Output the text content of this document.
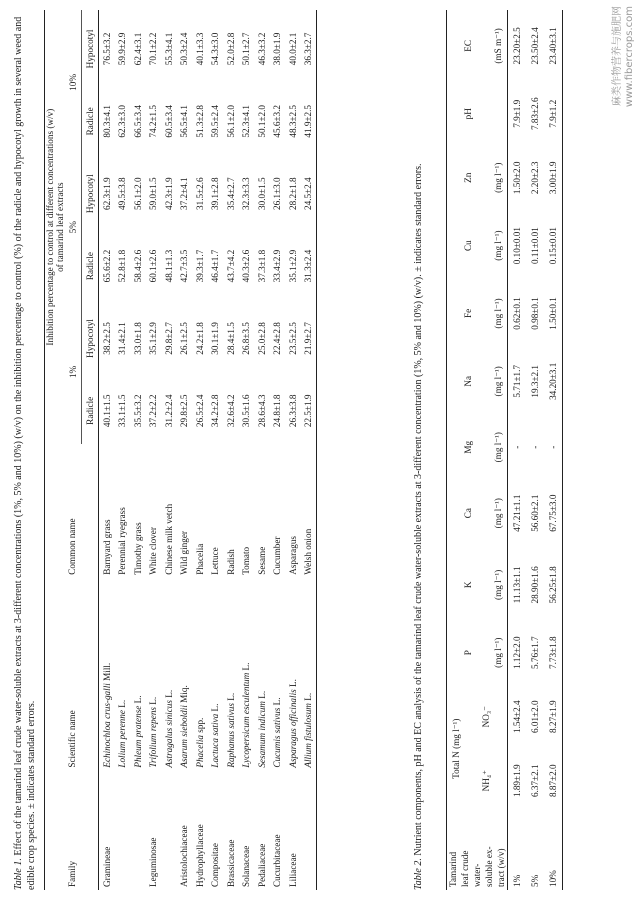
Table 1. Effect of the tamarind leaf crude water-soluble extracts at 3-different concentrations (1%, 5% and 10%) (w/v) on the inhibition percentage to control (%) of the radicle and hypocotyl growth in several weed and edible crop species. ± indicates standard errors.	Family	Scientific name	Common name	Inhibition percentage to control at different concentrations (w/v)
of tamarind leaf extracts					
			1%		5%		10%	
			Radicle	Hypocotyl	Radicle	Hypocotyl	Radicle	Hypocotyl
Gramineae	Echinochloa crus-galli Mill.	Barnyard grass	40.1±1.5	38.2±2.5	65.6±2.2	62.3±1.9	80.3±4.1	76.5±3.2
	Lolium perenne L.	Perennial ryegrass	33.1±1.5	31.4±2.1	52.8±1.8	49.5±3.8	62.3±3.0	59.9±2.9
	Phleum pratense L.	Timothy grass	35.5±3.2	33.0±1.8	58.4±2.6	56.1±2.0	66.5±3.4	62.4±3.1
Leguminosae	Trifolium repens L.	White clover	37.2±2.2	35.1±2.9	60.1±2.6	59.0±1.5	74.2±1.5	70.1±2.2
	Astragalus sinicus L.	Chinese milk vetch	31.2±2.4	29.8±2.7	48.1±1.3	42.3±1.9	60.5±3.4	55.3±4.1
Aristolochiaceae	Asarum sieboldii Miq.	Wild ginger	29.8±2.5	26.1±2.5	42.7±3.5	37.2±4.1	56.5±4.1	50.3±2.4
Hydrophyllaceae	Phacelia spp.	Phacelia	26.5±2.4	24.2±1.8	39.3±1.7	31.5±2.6	51.3±2.8	40.1±3.3
Compositae	Lactuca sativa L.	Lettuce	34.2±2.8	30.1±1.9	46.4±1.7	39.1±2.8	59.5±2.4	54.3±3.0
Brassicaceae	Raphanus sativus L.	Radish	32.6±4.2	28.4±1.5	43.7±4.2	35.4±2.7	56.1±2.0	52.0±2.8
Solanaceae	Lycopersicum esculentum L.	Tomato	30.5±1.6	26.8±3.5	40.3±2.6	32.3±3.3	52.3±4.1	50.1±2.7
Pedaliaceae	Sesamum indicum L.	Sesame	28.6±4.3	25.0±2.8	37.3±1.8	30.0±1.5	50.1±2.0	46.3±3.2
Cucurbitaceae	Cucumis sativus L.	Cucumber	24.8±1.8	22.4±2.8	33.4±2.9	26.1±3.0	45.6±3.2	38.0±1.9
Liliaceae	Asparagus officinalis L.	Asparagus	26.3±3.8	23.5±2.5	35.1±2.9	28.2±1.8	48.3±2.5	40.0±2.1
	Allium fistulosum L.	Welsh onion	22.5±1.9	21.9±2.7	31.3±2.4	24.5±2.4	41.9±2.5	36.3±2.7
Table 2. Nutrient components, pH and EC analysis of the tamarind leaf crude water-soluble extracts at 3-different concentration (1%, 5% and 10%) (w/v). ± indicates standard errors.
Tamarind leaf crude water- soluble ex- tract (w/v)	Total N (mg l⁻¹)		P	K	Ca	Mg	Na	Fe	Cu	Zn	pH	EC
	NH₄⁺	NO₃⁻										
			(mg l⁻¹)	(mg l⁻¹)	(mg l⁻¹)	(mg l⁻¹)	(mg l⁻¹)	(mg l⁻¹)	(mg l⁻¹)	(mg l⁻¹)		(mS m⁻¹)
1%	1.89±1.9	1.54±2.4	1.12±2.0	11.13±1.1	47.21±1.1	-	5.71±1.7	0.62±0.1	0.10±0.01	1.50±2.0	7.9±1.9	23.20±2.5
5%	6.37±2.1	6.01±2.0	5.76±1.7	28.90±1.6	56.60±2.1	-	19.3±2.1	0.98±0.1	0.11±0.01	2.20±2.3	7.83±2.6	23.50±2.4
10%	8.87±2.0	8.27±1.9	7.73±1.8	56.25±1.8	67.75±3.0	-	34.20±3.1	1.50±0.1	0.15±0.01	3.00±1.9	7.9±1.2	23.40±3.1	麻类作物营养与施肥网 www.fibercrops.com
